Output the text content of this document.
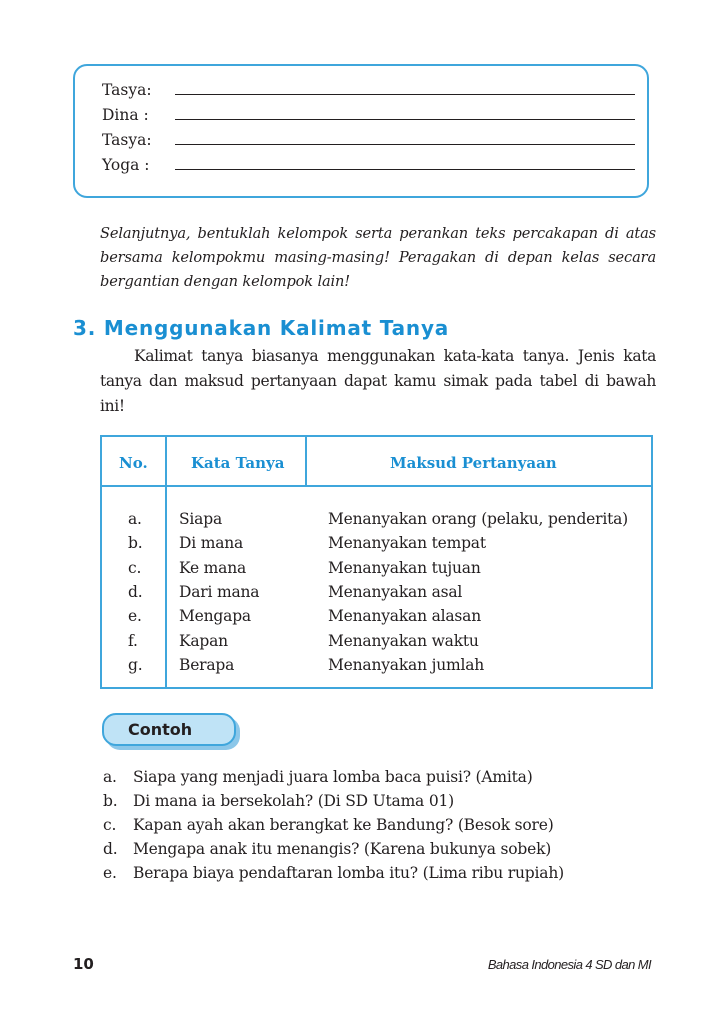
Tasya:
Dina :
Tasya:
Yoga :
Selanjutnya, bentuklah kelompok serta perankan teks percakapan di atas bersama kelompokmu masing-masing! Peragakan di depan kelas secara bergantian dengan kelompok lain!
3. Menggunakan Kalimat Tanya
Kalimat tanya biasanya menggunakan kata-kata tanya. Jenis kata tanya dan maksud pertanyaan dapat kamu simak pada tabel di bawah ini!
No.	Kata Tanya	Maksud Pertanyaan
a. Siapa	Menanyakan orang (pelaku, penderita)
b. Di mana	Menanyakan tempat
c. Ke mana	Menanyakan tujuan
d. Dari mana	Menanyakan asal
e. Mengapa	Menanyakan alasan
f.	Kapan	Menanyakan waktu
g. Berapa	Menanyakan jumlah
Contoh
a. Siapa yang menjadi juara lomba baca puisi? (Amita)
b. Di mana ia bersekolah? (Di SD Utama 01)
c. Kapan ayah akan berangkat ke Bandung? (Besok sore)
d. Mengapa anak itu menangis? (Karena bukunya sobek)
e. Berapa biaya pendaftaran lomba itu? (Lima ribu rupiah)
10	Bahasa Indonesia 4 SD dan MI
